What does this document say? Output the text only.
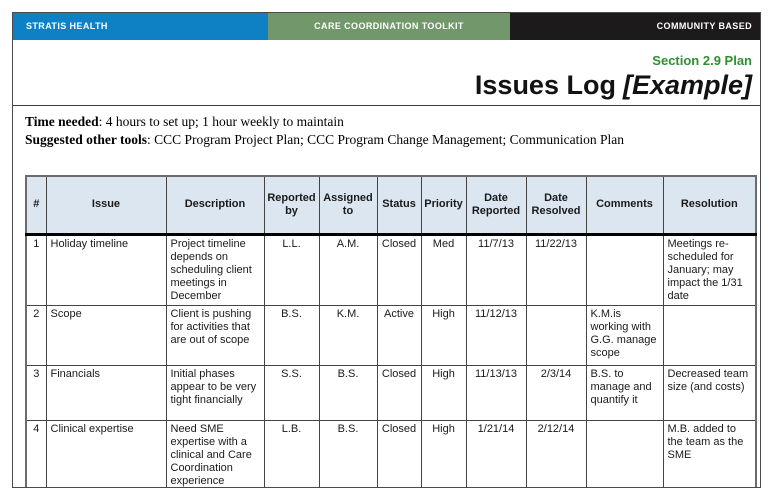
STRATIS HEALTH	CARE COORDINATION TOOLKIT	COMMUNITY BASED
Section 2.9 Plan
Issues Log [Example]

Time needed: 4 hours to set up; 1 hour weekly to maintain

Suggested other tools: CCC Program Project Plan; CCC Program Change Management; Communication Plan

#	Issue	Description	Reported by	Assigned to	Status	Priority	Date Reported	Date Resolved	Comments	Resolution
1	Holiday timeline	Project timeline depends on scheduling client meetings in December	L.L.	A.M.	Closed	Med	11/7/13	11/22/13		Meetings re-scheduled for January; may impact the 1/31 date
2	Scope	Client is pushing for activities that are out of scope	B.S.	K.M.	Active	High	11/12/13		K.M.is working with G.G. manage scope	
3	Financials	Initial phases appear to be very tight financially	S.S.	B.S.	Closed	High	11/13/13	2/3/14	B.S. to manage and quantify it	Decreased team size (and costs)
4	Clinical expertise	Need SME expertise with a clinical and Care Coordination experience	L.B.	B.S.	Closed	High	1/21/14	2/12/14		M.B. added to the team as the SME
